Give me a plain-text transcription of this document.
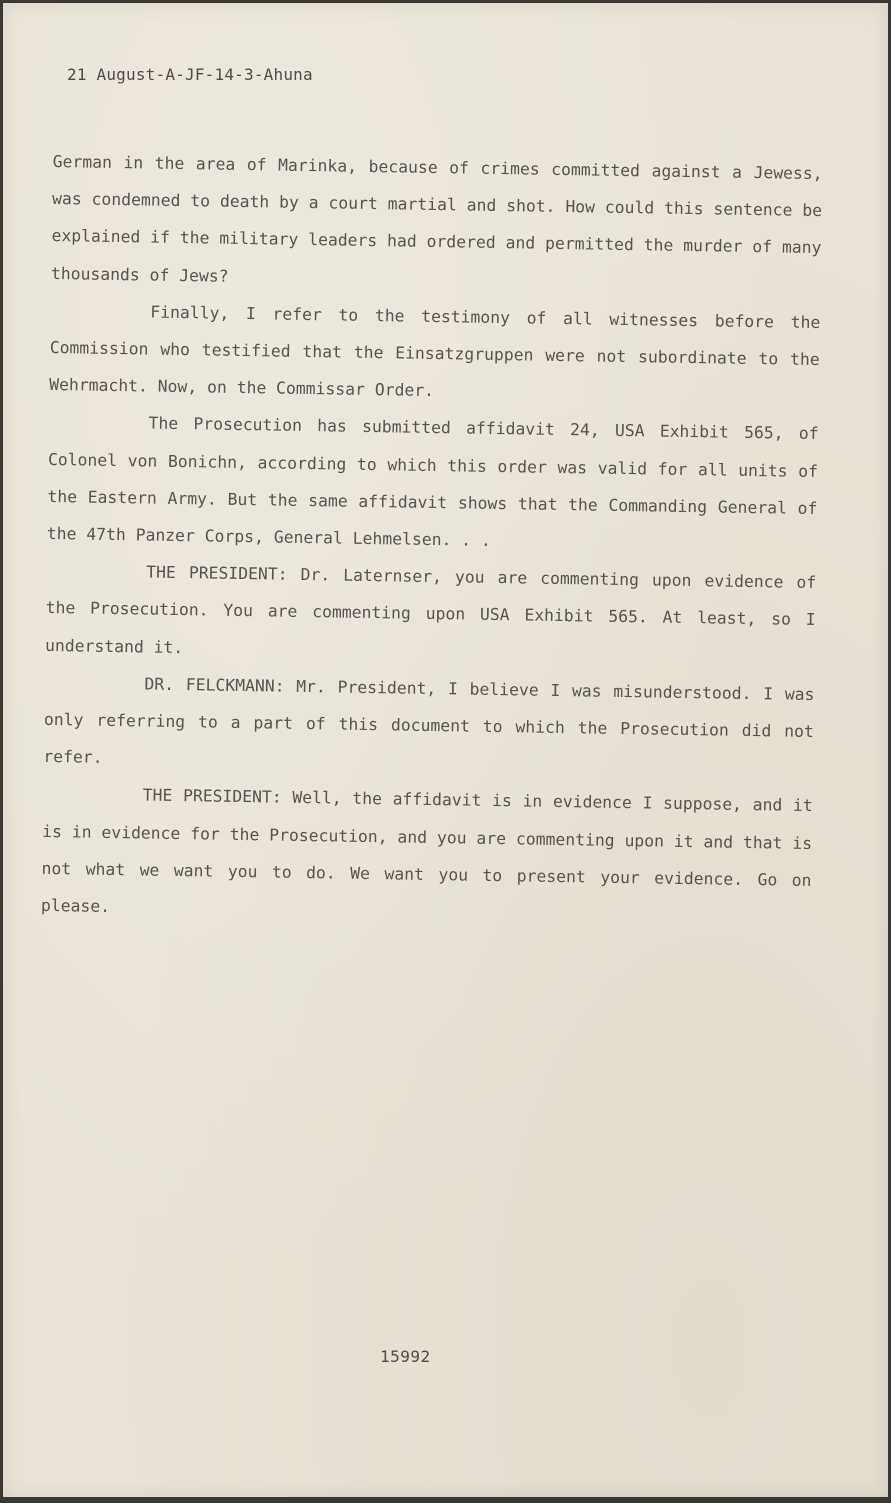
21 August-A-JF-14-3-Ahuna

German in the area of Marinka, because of crimes committed against a Jewess, was condemned to death by a court martial and shot. How could this sentence be explained if the military leaders had ordered and permitted the murder of many thousands of Jews?

Finally, I refer to the testimony of all witnesses before the Commission who testified that the Einsatzgruppen were not subordinate to the Wehrmacht. Now, on the Commissar Order.

The Prosecution has submitted affidavit 24, USA Exhibit 565, of Colonel von Bonichn, according to which this order was valid for all units of the Eastern Army. But the same affidavit shows that the Commanding General of the 47th Panzer Corps, General Lehmelsen. . .

THE PRESIDENT: Dr. Laternser, you are commenting upon evidence of the Prosecution. You are commenting upon USA Exhibit 565. At least, so I understand it.

DR. FELCKMANN: Mr. President, I believe I was misunderstood. I was only referring to a part of this document to which the Prosecution did not refer.

THE PRESIDENT: Well, the affidavit is in evidence I suppose, and it is in evidence for the Prosecution, and you are commenting upon it and that is not what we want you to do. We want you to present your evidence. Go on please.

15992
